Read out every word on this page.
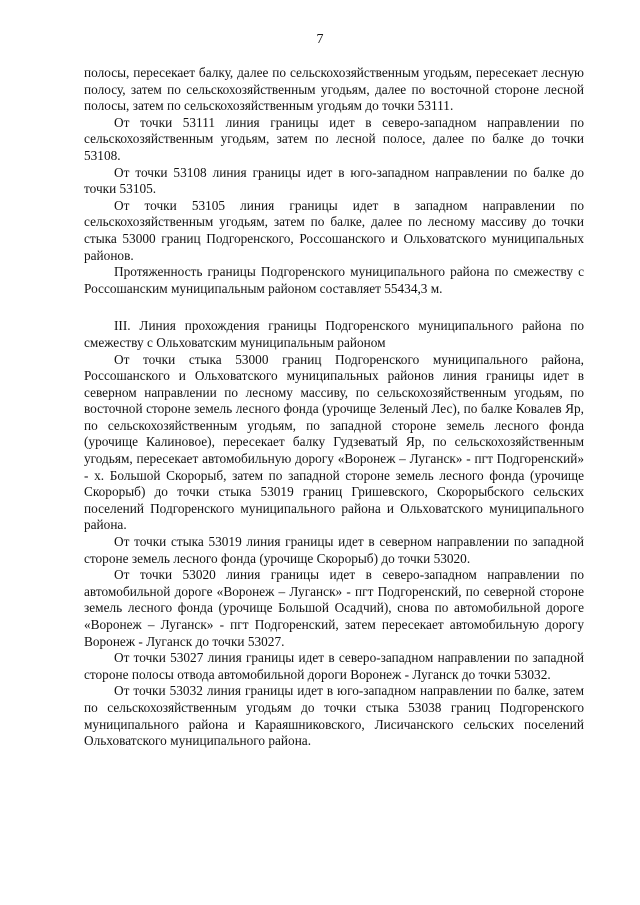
7

полосы, пересекает балку, далее по сельскохозяйственным угодьям, пересекает лесную полосу, затем по сельскохозяйственным угодьям, далее по восточной стороне лесной полосы, затем по сельскохозяйственным угодьям до точки 53111.

От точки 53111 линия границы идет в северо-западном направлении по сельскохозяйственным угодьям, затем по лесной полосе, далее по балке до точки 53108.

От точки 53108 линия границы идет в юго-западном направлении по балке до точки 53105.

От точки 53105 линия границы идет в западном направлении по сельскохозяйственным угодьям, затем по балке, далее по лесному массиву до точки стыка 53000 границ Подгоренского, Россошанского и Ольховатского муниципальных районов.

Протяженность границы Подгоренского муниципального района по смежеству с Россошанским муниципальным районом составляет 55434,3 м.

III. Линия прохождения границы Подгоренского муниципального района по смежеству с Ольховатским муниципальным районом

От точки стыка 53000 границ Подгоренского муниципального района, Россошанского и Ольховатского муниципальных районов линия границы идет в северном направлении по лесному массиву, по сельскохозяйственным угодьям, по восточной стороне земель лесного фонда (урочище Зеленый Лес), по балке Ковалев Яр, по сельскохозяйственным угодьям, по западной стороне земель лесного фонда (урочище Калиновое), пересекает балку Гудзеватый Яр, по сельскохозяйственным угодьям, пересекает автомобильную дорогу «Воронеж – Луганск» - пгт Подгоренский» - х. Большой Скорорыб, затем по западной стороне земель лесного фонда (урочище Скорорыб) до точки стыка 53019 границ Гришевского, Скорорыбского сельских поселений Подгоренского муниципального района и Ольховатского муниципального района.

От точки стыка 53019 линия границы идет в северном направлении по западной стороне земель лесного фонда (урочище Скорорыб) до точки 53020.

От точки 53020 линия границы идет в северо-западном направлении по автомобильной дороге «Воронеж – Луганск» - пгт Подгоренский, по северной стороне земель лесного фонда (урочище Большой Осадчий), снова по автомобильной дороге «Воронеж – Луганск» - пгт Подгоренский, затем пересекает автомобильную дорогу Воронеж - Луганск до точки 53027.

От точки 53027 линия границы идет в северо-западном направлении по западной стороне полосы отвода автомобильной дороги Воронеж - Луганск до точки 53032.

От точки 53032 линия границы идет в юго-западном направлении по балке, затем по сельскохозяйственным угодьям до точки стыка 53038 границ Подгоренского муниципального района и Караяшниковского, Лисичанского сельских поселений Ольховатского муниципального района.
